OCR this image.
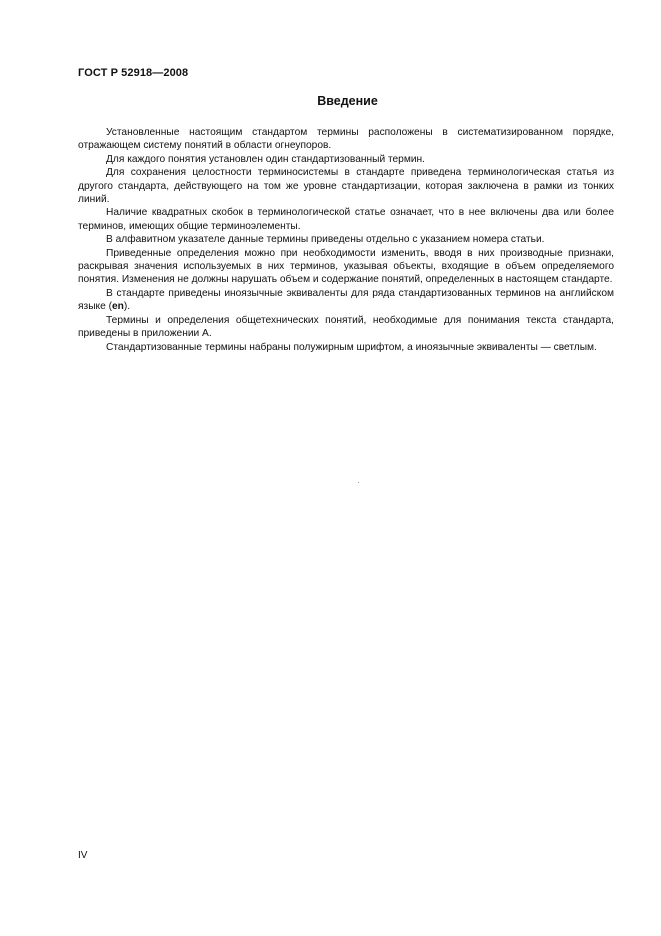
ГОСТ Р 52918—2008
Введение

Установленные настоящим стандартом термины расположены в систематизированном порядке, отражающем систему понятий в области огнеупоров.

Для каждого понятия установлен один стандартизованный термин.

Для сохранения целостности терминосистемы в стандарте приведена терминологическая статья из другого стандарта, действующего на том же уровне стандартизации, которая заключена в рамки из тонких линий.

Наличие квадратных скобок в терминологической статье означает, что в нее включены два или более терминов, имеющих общие терминоэлементы.

В алфавитном указателе данные термины приведены отдельно с указанием номера статьи.

Приведенные определения можно при необходимости изменить, вводя в них производные признаки, раскрывая значения используемых в них терминов, указывая объекты, входящие в объем определяемого понятия. Изменения не должны нарушать объем и содержание понятий, определенных в настоящем стандарте.

В стандарте приведены иноязычные эквиваленты для ряда стандартизованных терминов на английском языке (en).

Термины и определения общетехнических понятий, необходимые для понимания текста стандарта, приведены в приложении А.

Стандартизованные термины набраны полужирным шрифтом, а иноязычные эквиваленты — светлым.

IV
